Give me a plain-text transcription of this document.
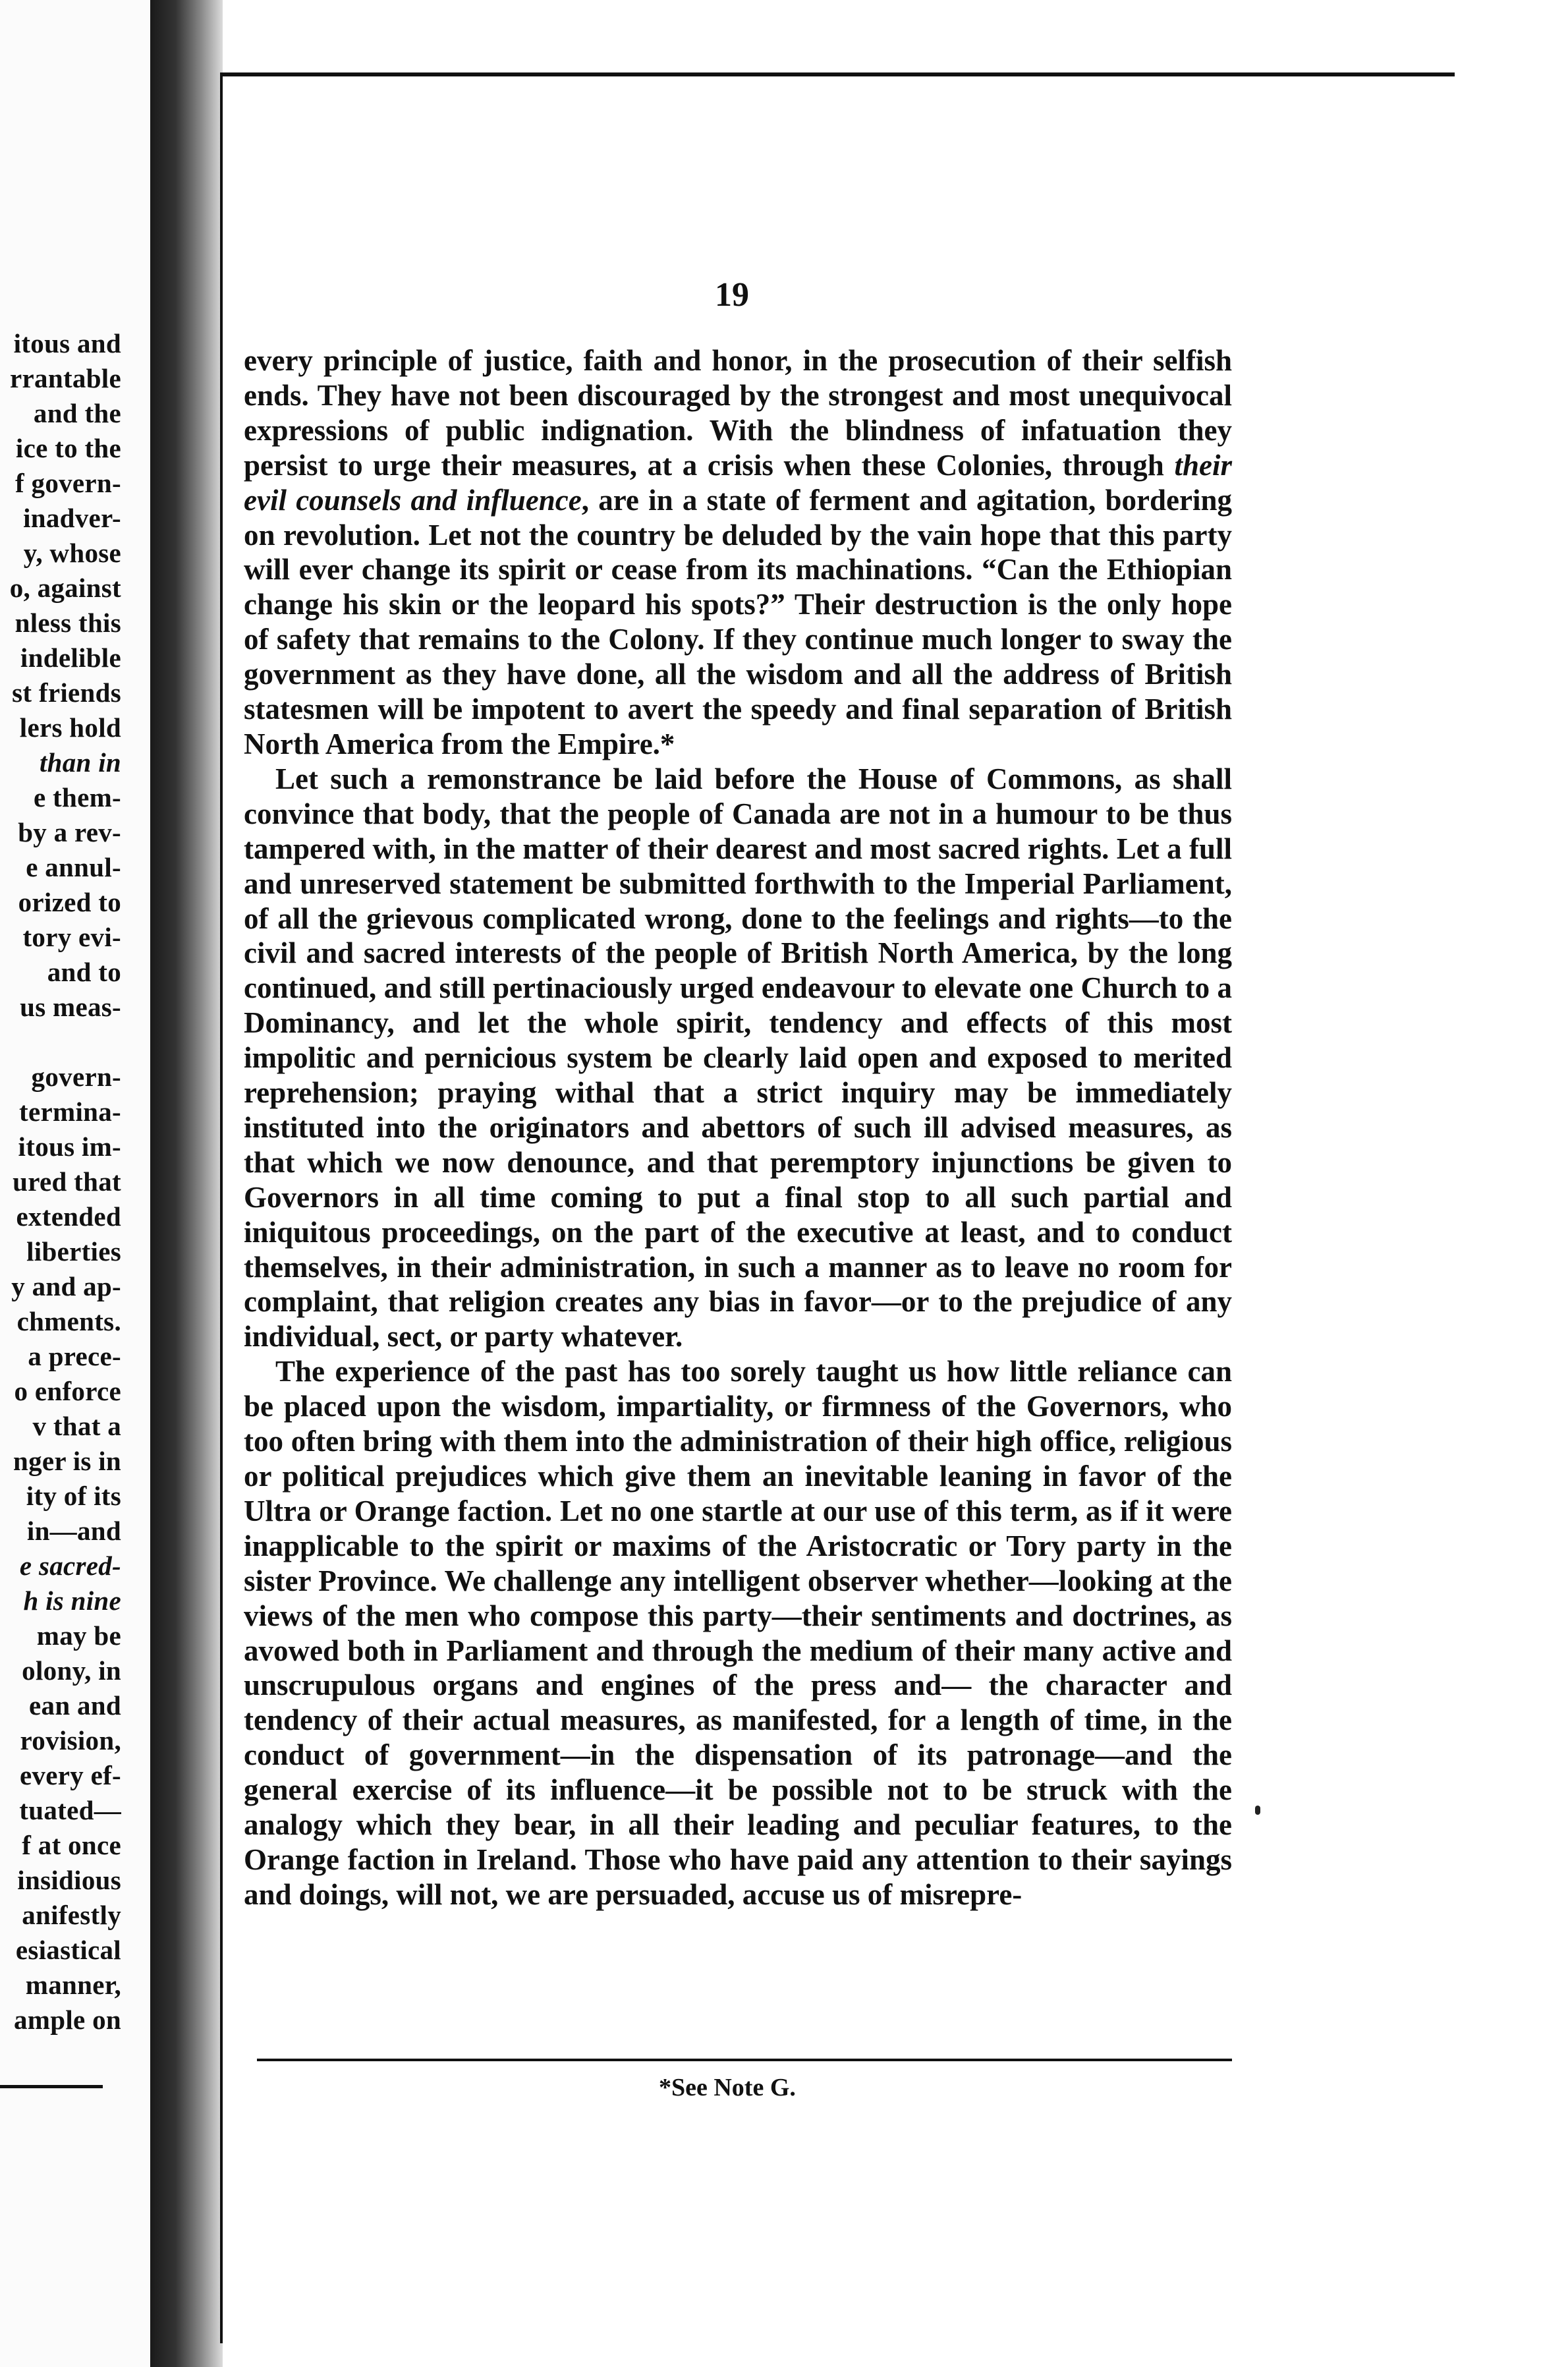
itous and
rrantable
and the
ice to the
f govern-
inadver-
y, whose
o, against
nless this
indelible
st friends
lers hold
than in
e them-
by a rev-
e annul-
orized to
tory evi-
and to
us meas-
govern-
termina-
itous im-
ured that
extended
liberties
y and ap-
chments.
a prece-
o enforce
v that a
nger is in
ity of its
in—and
e sacred-
h is nine
may be
olony, in
ean and
rovision,
every ef-
tuated—
f at once
insidious
anifestly
esiastical
manner,
ample on
19

every principle of justice, faith and honor, in the prosecution of their selfish ends. They have not been discouraged by the strongest and most unequivocal expressions of public indignation. With the blindness of infatuation they persist to urge their measures, at a crisis when these Colonies, through their evil counsels and influence, are in a state of ferment and agitation, bordering on revolution. Let not the country be deluded by the vain hope that this party will ever change its spirit or cease from its machinations. “Can the Ethiopian change his skin or the leopard his spots?” Their destruction is the only hope of safety that remains to the Colony. If they continue much longer to sway the government as they have done, all the wisdom and all the address of British statesmen will be impotent to avert the speedy and final separation of British North America from the Empire.*

Let such a remonstrance be laid before the House of Commons, as shall convince that body, that the people of Canada are not in a humour to be thus tampered with, in the matter of their dearest and most sacred rights. Let a full and unreserved statement be submitted forthwith to the Imperial Parliament, of all the grievous complicated wrong, done to the feelings and rights—to the civil and sacred interests of the people of British North America, by the long continued, and still pertinaciously urged endeavour to elevate one Church to a Dominancy, and let the whole spirit, tendency and effects of this most impolitic and pernicious system be clearly laid open and exposed to merited reprehension; praying withal that a strict inquiry may be immediately instituted into the originators and abettors of such ill advised measures, as that which we now denounce, and that peremptory injunctions be given to Governors in all time coming to put a final stop to all such partial and iniquitous proceedings, on the part of the executive at least, and to conduct themselves, in their administration, in such a manner as to leave no room for complaint, that religion creates any bias in favor—or to the prejudice of any individual, sect, or party whatever.

The experience of the past has too sorely taught us how little reliance can be placed upon the wisdom, impartiality, or firmness of the Governors, who too often bring with them into the administration of their high office, religious or political prejudices which give them an inevitable leaning in favor of the Ultra or Orange faction. Let no one startle at our use of this term, as if it were inapplicable to the spirit or maxims of the Aristocratic or Tory party in the sister Province. We challenge any intelligent observer whether—looking at the views of the men who compose this party—their sentiments and doctrines, as avowed both in Parliament and through the medium of their many active and unscrupulous organs and engines of the press and— the character and tendency of their actual measures, as manifested, for a length of time, in the conduct of government—in the dispensation of its patronage—and the general exercise of its influence—it be possible not to be struck with the analogy which they bear, in all their leading and peculiar features, to the Orange faction in Ireland. Those who have paid any attention to their sayings and doings, will not, we are persuaded, accuse us of misrepre-

*See Note G.
